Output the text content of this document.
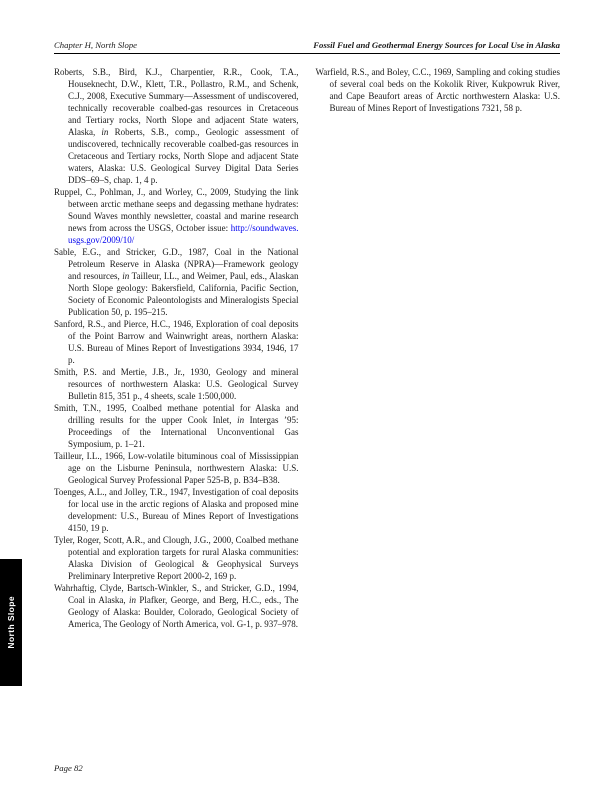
Chapter H, North Slope	Fossil Fuel and Geothermal Energy Sources for Local Use in Alaska

Roberts, S.B., Bird, K.J., Charpentier, R.R., Cook, T.A., Houseknecht, D.W., Klett, T.R., Pollastro, R.M., and Schenk, C.J., 2008, Executive Summary—Assessment of undiscovered, technically recoverable coalbed-gas resources in Cretaceous and Tertiary rocks, North Slope and adjacent State waters, Alaska, in Roberts, S.B., comp., Geologic assessment of undiscovered, technically recoverable coalbed-gas resources in Cretaceous and Tertiary rocks, North Slope and adjacent State waters, Alaska: U.S. Geological Survey Digital Data Series DDS–69–S, chap. 1, 4 p.

Ruppel, C., Pohlman, J., and Worley, C., 2009, Studying the link between arctic methane seeps and degassing methane hydrates: Sound Waves monthly newsletter, coastal and marine research news from across the USGS, October issue: http://soundwaves.usgs.gov/2009/10/

Sable, E.G., and Stricker, G.D., 1987, Coal in the National Petroleum Reserve in Alaska (NPRA)—Framework geology and resources, in Tailleur, I.L., and Weimer, Paul, eds., Alaskan North Slope geology: Bakersfield, California, Pacific Section, Society of Economic Paleontologists and Mineralogists Special Publication 50, p. 195–215.

Sanford, R.S., and Pierce, H.C., 1946, Exploration of coal deposits of the Point Barrow and Wainwright areas, northern Alaska: U.S. Bureau of Mines Report of Investigations 3934, 1946, 17 p.

Smith, P.S. and Mertie, J.B., Jr., 1930, Geology and mineral resources of northwestern Alaska: U.S. Geological Survey Bulletin 815, 351 p., 4 sheets, scale 1:500,000.

Smith, T.N., 1995, Coalbed methane potential for Alaska and drilling results for the upper Cook Inlet, in Intergas ’95: Proceedings of the International Unconventional Gas Symposium, p. 1–21.

Tailleur, I.L., 1966, Low-volatile bituminous coal of Mississippian age on the Lisburne Peninsula, northwestern Alaska: U.S. Geological Survey Professional Paper 525-B, p. B34–B38.

Toenges, A.L., and Jolley, T.R., 1947, Investigation of coal deposits for local use in the arctic regions of Alaska and proposed mine development: U.S., Bureau of Mines Report of Investigations 4150, 19 p.

Tyler, Roger, Scott, A.R., and Clough, J.G., 2000, Coalbed methane potential and exploration targets for rural Alaska communities: Alaska Division of Geological & Geophysical Surveys Preliminary Interpretive Report 2000-2, 169 p.

Wahrhaftig, Clyde, Bartsch-Winkler, S., and Stricker, G.D., 1994, Coal in Alaska, in Plafker, George, and Berg, H.C., eds., The Geology of Alaska: Boulder, Colorado, Geological Society of America, The Geology of North America, vol. G-1, p. 937–978.

Warfield, R.S., and Boley, C.C., 1969, Sampling and coking studies of several coal beds on the Kokolik River, Kukpowruk River, and Cape Beaufort areas of Arctic northwestern Alaska: U.S. Bureau of Mines Report of Investigations 7321, 58 p.

North Slope
Page 82
